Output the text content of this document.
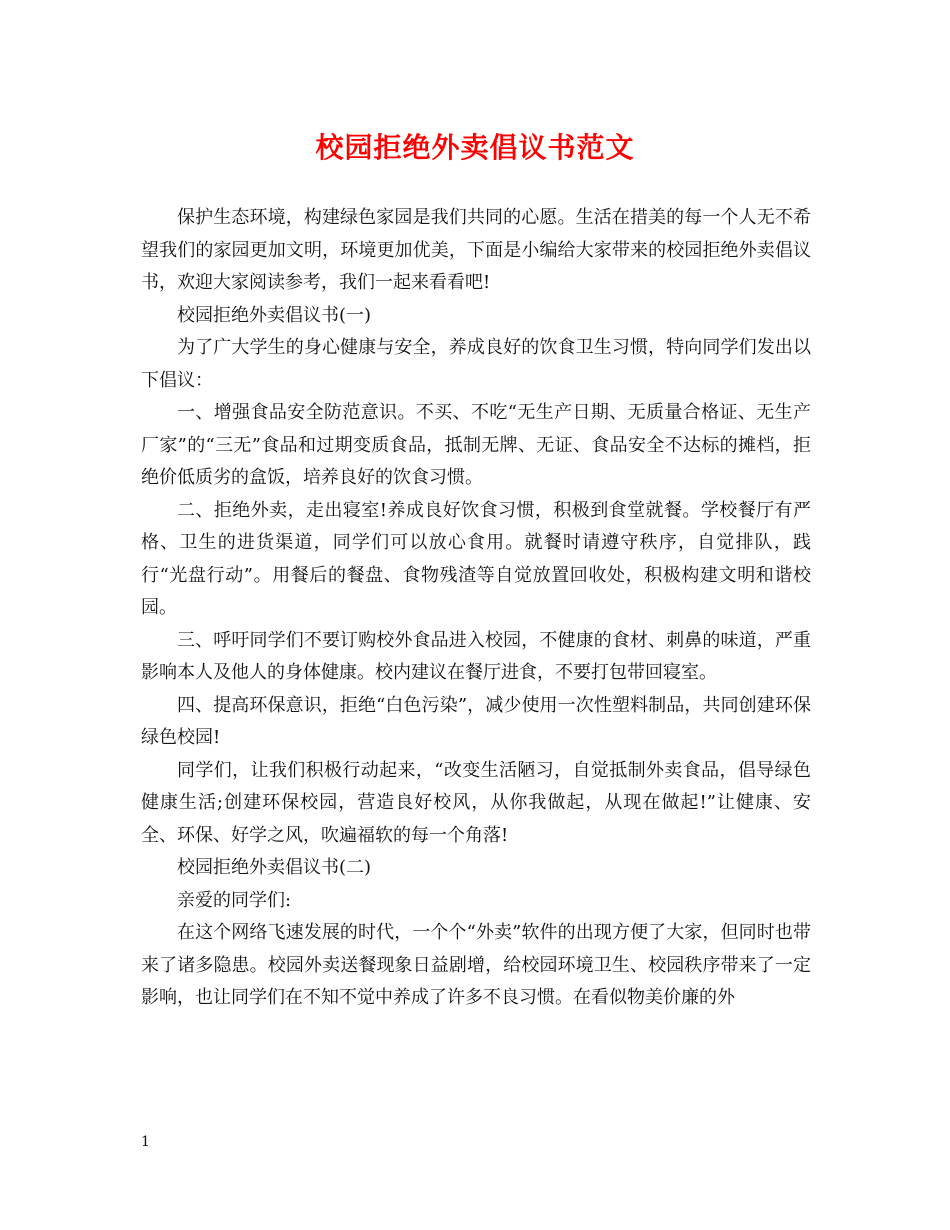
校园拒绝外卖倡议书范文

保护生态环境，构建绿色家园是我们共同的心愿。生活在措美的每一个人无不希望我们的家园更加文明，环境更加优美，下面是小编给大家带来的校园拒绝外卖倡议书，欢迎大家阅读参考，我们一起来看看吧!

校园拒绝外卖倡议书(一)

为了广大学生的身心健康与安全，养成良好的饮食卫生习惯，特向同学们发出以下倡议：

一、增强食品安全防范意识。不买、不吃“无生产日期、无质量合格证、无生产厂家”的“三无”食品和过期变质食品，抵制无牌、无证、食品安全不达标的摊档，拒绝价低质劣的盒饭，培养良好的饮食习惯。

二、拒绝外卖，走出寝室!养成良好饮食习惯，积极到食堂就餐。学校餐厅有严格、卫生的进货渠道，同学们可以放心食用。就餐时请遵守秩序，自觉排队，践行“光盘行动”。用餐后的餐盘、食物残渣等自觉放置回收处，积极构建文明和谐校园。

三、呼吁同学们不要订购校外食品进入校园，不健康的食材、刺鼻的味道，严重影响本人及他人的身体健康。校内建议在餐厅进食，不要打包带回寝室。

四、提高环保意识，拒绝“白色污染”，减少使用一次性塑料制品，共同创建环保绿色校园!

同学们，让我们积极行动起来，“改变生活陋习，自觉抵制外卖食品，倡导绿色健康生活;创建环保校园，营造良好校风，从你我做起，从现在做起!”让健康、安全、环保、好学之风，吹遍福软的每一个角落!

校园拒绝外卖倡议书(二)

亲爱的同学们:

在这个网络飞速发展的时代，一个个“外卖”软件的出现方便了大家，但同时也带来了诸多隐患。校园外卖送餐现象日益剧增，给校园环境卫生、校园秩序带来了一定影响，也让同学们在不知不觉中养成了许多不良习惯。在看似物美价廉的外

1
